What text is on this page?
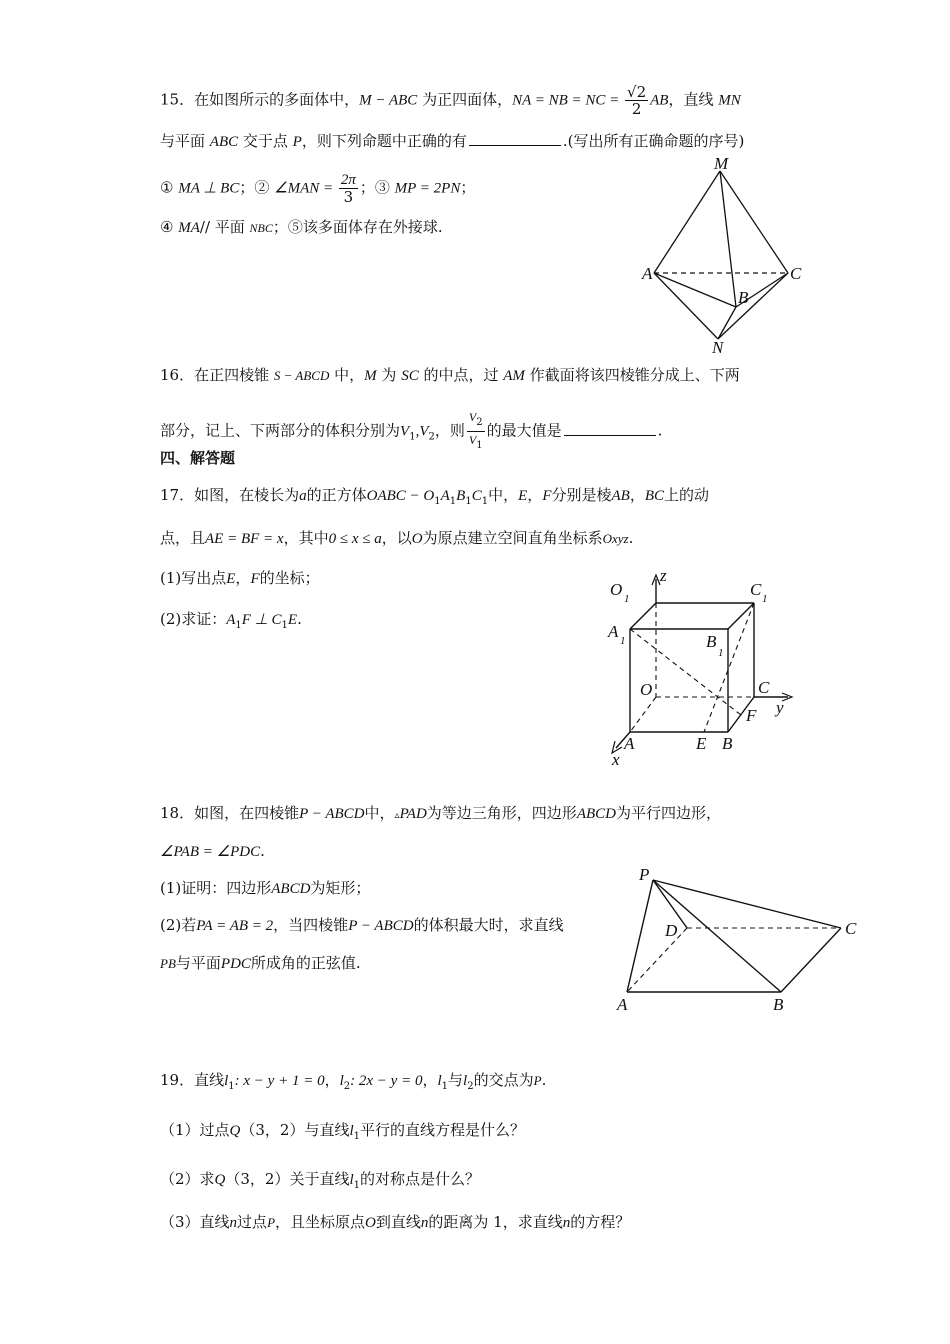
15．在如图所示的多面体中，M − ABC 为正四面体，NA = NB = NC = $\frac{√2}{2}$ AB，直线 MN
与平面 ABC 交于点 P，则下列命题中正确的有	.(写出所有正确命题的序号)
① MA ⊥ BC；② ∠MAN = $\frac{2\pi}{3}$ ；③ MP = 2PN；
④ MA// 平面 NBC；⑤该多面体存在外接球.
M
A
B
C
N
16．在正四棱锥 S − ABCD 中，M 为 SC 的中点，过 AM 作截面将该四棱锥分成上、下两
部分，记上、下两部分的体积分别为$V_1,V_2$，则 $\frac{V_2}{V_1}$ 的最大值是	.
四、解答题
17．如图，在棱长为a的正方体OABC − $O_1A_1B_1C_1$中，E，F分别是棱AB，BC上的动
点，且AE = BF = x，其中0 ≤ x ≤ a，以O为原点建立空间直角坐标系Oxyz.
(1)写出点E，F的坐标；
(2)求证：$A_1F$ ⊥ $C_1E$.
O 1
z
C 1
A 1	B
1
O	C
y
F
A	E B
x
18．如图，在四棱锥P − ABCD中，▵PAD为等边三角形，四边形ABCD为平行四边形，
∠PAB = ∠PDC.
(1)证明：四边形ABCD为矩形；
(2)若PA = AB = 2，当四棱锥P − ABCD的体积最大时，求直线
PB与平面PDC所成角的正弦值.
P
D	C
A	B
19．直线$l_1$: x − y + 1 = 0，$l_2$: 2x − y = 0，$l_1$与$l_2$的交点为P.
（1）过点Q（3，2）与直线$l_1$平行的直线方程是什么？
（2）求Q（3，2）关于直线$l_1$的对称点是什么？
（3）直线n过点P，且坐标原点O到直线n的距离为 1，求直线n的方程？
